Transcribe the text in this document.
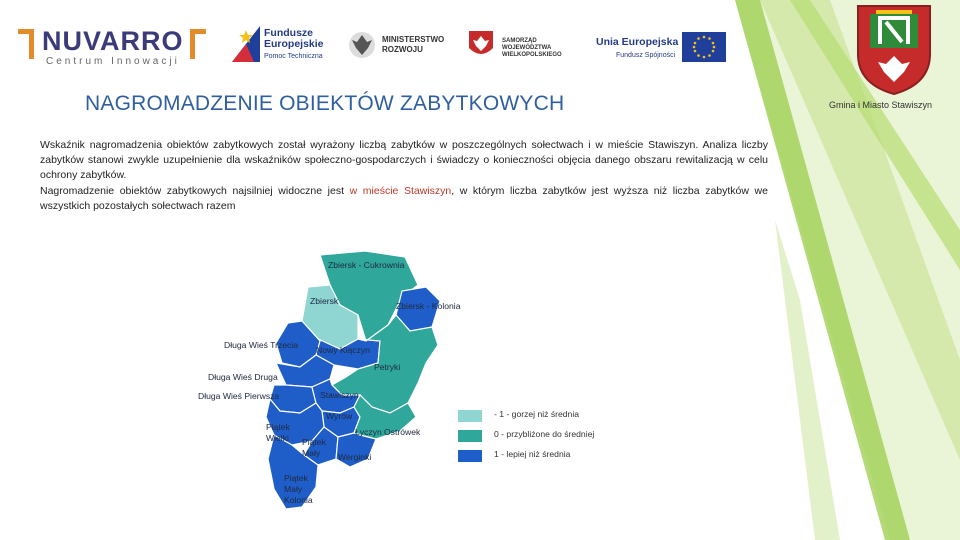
NUVARRO
Centrum Innowacji
Fundusze
Europejskie
Pomoc Techniczna
MINISTERSTWO
ROZWOJU
SAMORZĄD WOJEWÓDZTWA
WIELKOPOLSKIEGO
Unia Europejska
Fundusz Spójności
Gmina i Miasto Stawiszyn
NAGROMADZENIE OBIEKTÓW ZABYTKOWYCH

Wskaźnik nagromadzenia obiektów zabytkowych został wyrażony liczbą zabytków w poszczególnych sołectwach i w mieście Stawiszyn. Analiza liczby zabytków stanowi zwykle uzupełnienie dla wskaźników społeczno-gospodarczych i świadczy o konieczności objęcia danego obszaru rewitalizacją w celu ochrony zabytków.

Nagromadzenie obiektów zabytkowych najsilniej widoczne jest w mieście Stawiszyn, w którym liczba zabytków jest wyższa niż liczba zabytków we wszystkich pozostałych sołectwach razem

Zbiersk - Cukrownia
Zbiersk	Zbiersk - Kolonia
Długa Wieś Trzecia Nowy Kiączyn
Petryki
Długa Wieś Druga
Długa Wieś Pierwsza	Stawiszyn
Wyrów
Łyczyn Ostrówek
Piątek Wielki	Piątek Mały	Werginki
Piątek Mały Kolonia
- 1 - gorzej niż średnia
0 - przybliżone do średniej
1 - lepiej niż średnia
